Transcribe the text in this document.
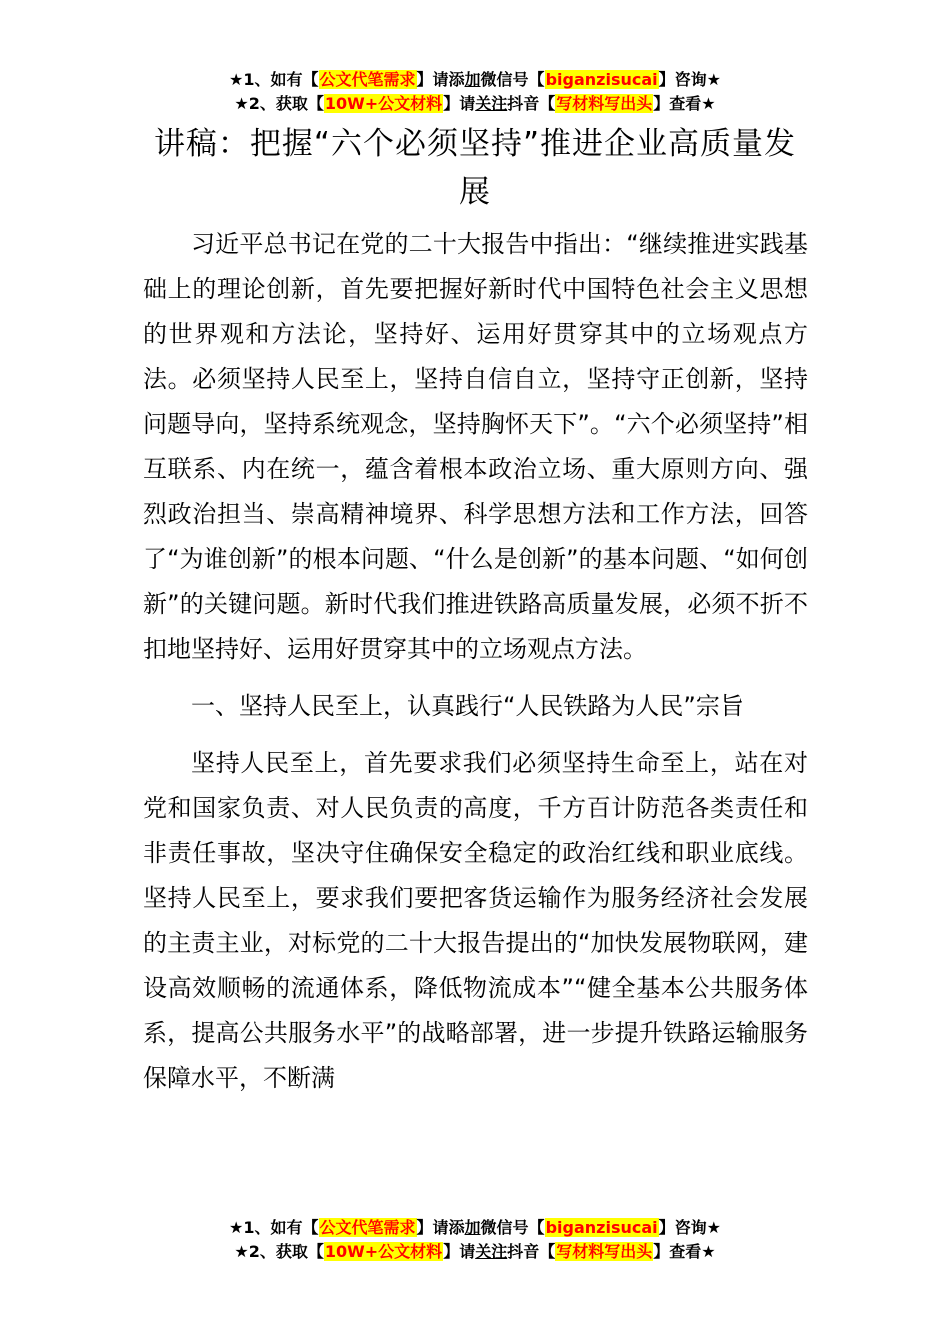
★1、如有【公文代笔需求】请添加微信号【biganzisucai】咨询★
★2、获取【10W+公文材料】请关注抖音【写材料写出头】查看★
讲稿：把握“六个必须坚持”推进企业高质量发展

习近平总书记在党的二十大报告中指出：“继续推进实践基础上的理论创新，首先要把握好新时代中国特色社会主义思想的世界观和方法论，坚持好、运用好贯穿其中的立场观点方法。必须坚持人民至上，坚持自信自立，坚持守正创新，坚持问题导向，坚持系统观念，坚持胸怀天下”。“六个必须坚持”相互联系、内在统一，蕴含着根本政治立场、重大原则方向、强烈政治担当、崇高精神境界、科学思想方法和工作方法，回答了“为谁创新”的根本问题、“什么是创新”的基本问题、“如何创新”的关键问题。新时代我们推进铁路高质量发展，必须不折不扣地坚持好、运用好贯穿其中的立场观点方法。

一、坚持人民至上，认真践行“人民铁路为人民”宗旨

坚持人民至上，首先要求我们必须坚持生命至上，站在对党和国家负责、对人民负责的高度，千方百计防范各类责任和非责任事故，坚决守住确保安全稳定的政治红线和职业底线。坚持人民至上，要求我们要把客货运输作为服务经济社会发展的主责主业，对标党的二十大报告提出的“加快发展物联网，建设高效顺畅的流通体系，降低物流成本”“健全基本公共服务体系，提高公共服务水平”的战略部署，进一步提升铁路运输服务保障水平，不断满

★1、如有【公文代笔需求】请添加微信号【biganzisucai】咨询★
★2、获取【10W+公文材料】请关注抖音【写材料写出头】查看★
